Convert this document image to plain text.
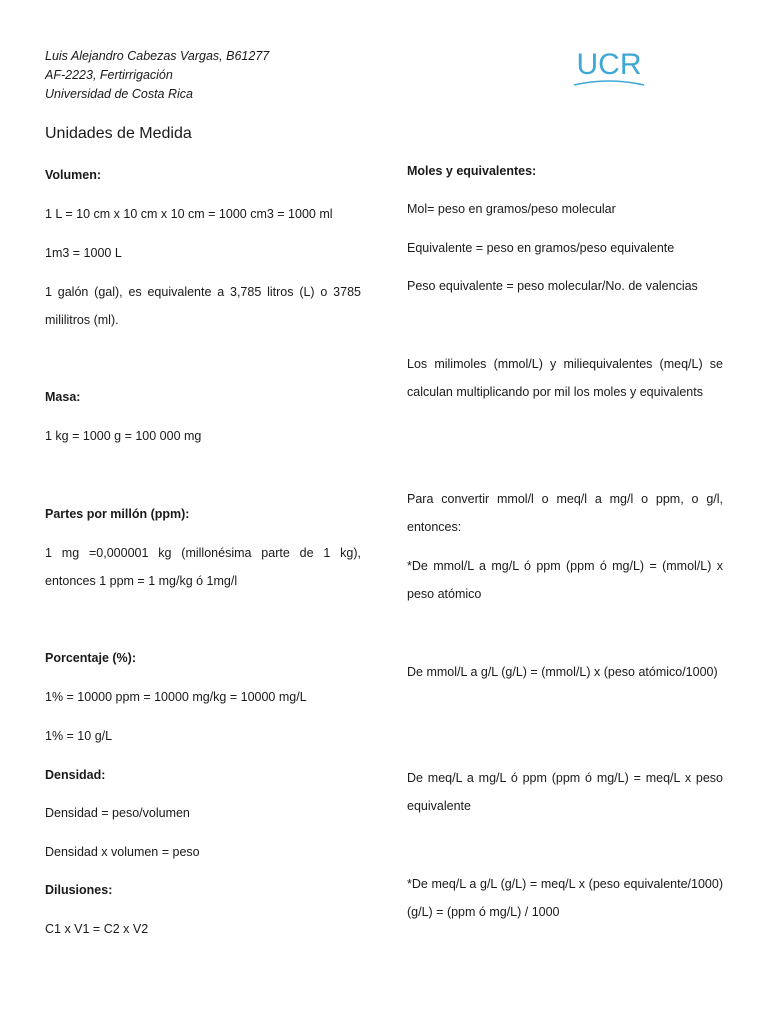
Luis Alejandro Cabezas Vargas, B61277
AF-2223, Fertirrigación
Universidad de Costa Rica
UCR
Unidades de Medida

Volumen:

1 L = 10 cm x 10 cm x 10 cm = 1000 cm3 = 1000 ml

1m3 = 1000 L

1 galón (gal), es equivalente a 3,785 litros (L) o 3785 mililitros (ml).

Masa:

1 kg = 1000 g = 100 000 mg

Partes por millón (ppm):

1 mg =0,000001 kg (millonésima parte de 1 kg), entonces 1 ppm = 1 mg/kg ó 1mg/l

Porcentaje (%):

1% = 10000 ppm = 10000 mg/kg = 10000 mg/L

1% = 10 g/L

Densidad:

Densidad = peso/volumen

Densidad x volumen = peso

Dilusiones:

C1 x V1 = C2 x V2

Moles y equivalentes:

Mol= peso en gramos/peso molecular

Equivalente = peso en gramos/peso equivalente

Peso equivalente = peso molecular/No. de valencias

Los milimoles (mmol/L) y miliequivalentes (meq/L) se calculan multiplicando por mil los moles y equivalents

Para convertir mmol/l o meq/l a mg/l o ppm, o g/l, entonces:

*De mmol/L a mg/L ó ppm (ppm ó mg/L) = (mmol/L) x peso atómico

De mmol/L a g/L (g/L) = (mmol/L) x (peso atómico/1000)

De meq/L a mg/L ó ppm (ppm ó mg/L) = meq/L x peso equivalente

*De meq/L a g/L (g/L) = meq/L x (peso equivalente/1000) (g/L) = (ppm ó mg/L) / 1000
